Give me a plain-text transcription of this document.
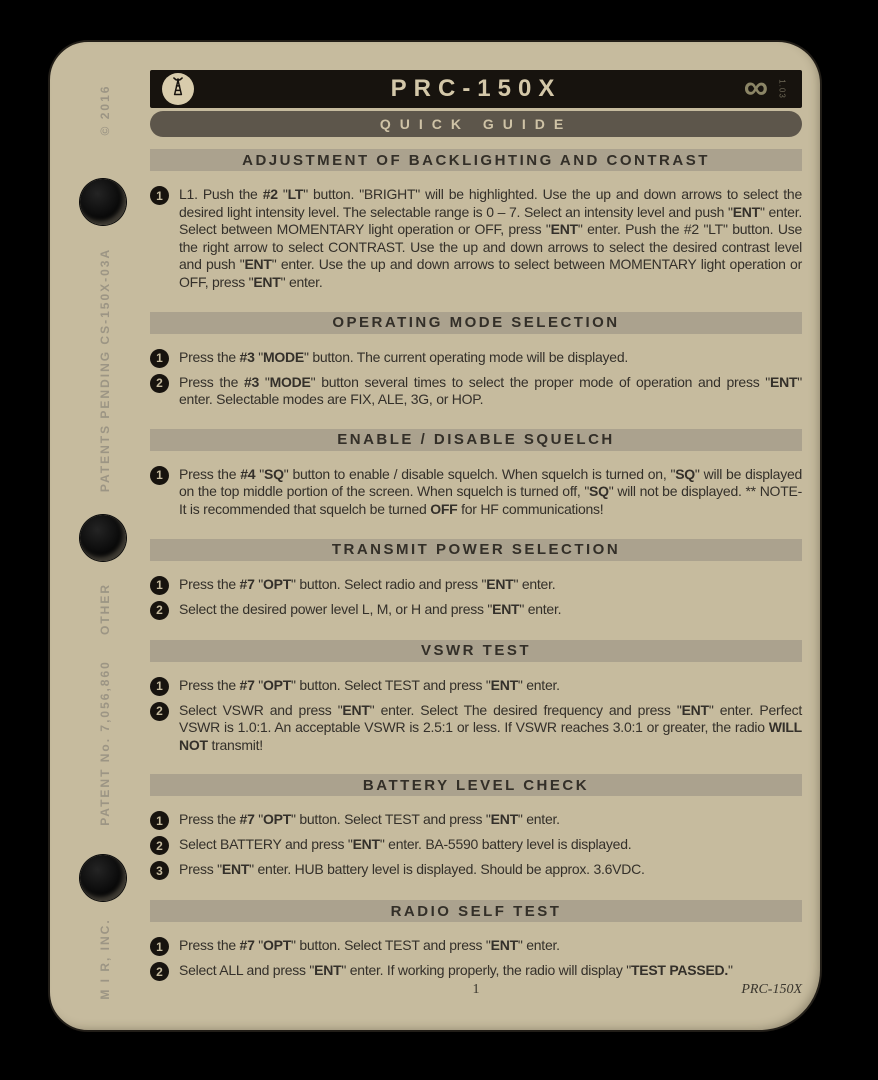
© 2016
PATENTS PENDING CS-150X-03A
OTHER
PATENT No. 7,056,860
M I R, INC.
PRC-150X	∞ 1.03
QUICK GUIDE
ADJUSTMENT OF BACKLIGHTING AND CONTRAST
1	L1. Push the #2 "LT" button. "BRIGHT" will be highlighted. Use the up and down arrows to select the desired light intensity level. The selectable range is 0 – 7. Select an intensity level and push "ENT" enter. Select between MOMENTARY light operation or OFF, press "ENT" enter. Push the #2 "LT" button. Use the right arrow to select CONTRAST. Use the up and down arrows to select the desired contrast level and push "ENT" enter. Use the up and down arrows to select between MOMENTARY light operation or OFF, press "ENT" enter.

OPERATING MODE SELECTION
1	Press the #3 "MODE" button. The current operating mode will be displayed.

2	Press the #3 "MODE" button several times to select the proper mode of operation and press "ENT" enter. Selectable modes are FIX, ALE, 3G, or HOP.

ENABLE / DISABLE SQUELCH
1	Press the #4 "SQ" button to enable / disable squelch. When squelch is turned on, "SQ" will be displayed on the top middle portion of the screen. When squelch is turned off, "SQ" will not be displayed. ** NOTE- It is recommended that squelch be turned OFF for HF communications!

TRANSMIT POWER SELECTION
1	Press the #7 "OPT" button. Select radio and press "ENT" enter.

2	Select the desired power level L, M, or H and press "ENT" enter.

VSWR TEST
1	Press the #7 "OPT" button. Select TEST and press "ENT" enter.

2	Select VSWR and press "ENT" enter. Select The desired frequency and press "ENT" enter. Perfect VSWR is 1.0:1. An acceptable VSWR is 2.5:1 or less. If VSWR reaches 3.0:1 or greater, the radio WILL NOT transmit!

BATTERY LEVEL CHECK
1	Press the #7 "OPT" button. Select TEST and press "ENT" enter.

2	Select BATTERY and press "ENT" enter. BA-5590 battery level is displayed.

3	Press "ENT" enter. HUB battery level is displayed. Should be approx. 3.6VDC.

RADIO SELF TEST
1	Press the #7 "OPT" button. Select TEST and press "ENT" enter.

2	Select ALL and press "ENT" enter. If working properly, the radio will display "TEST PASSED."

1	PRC-150X
